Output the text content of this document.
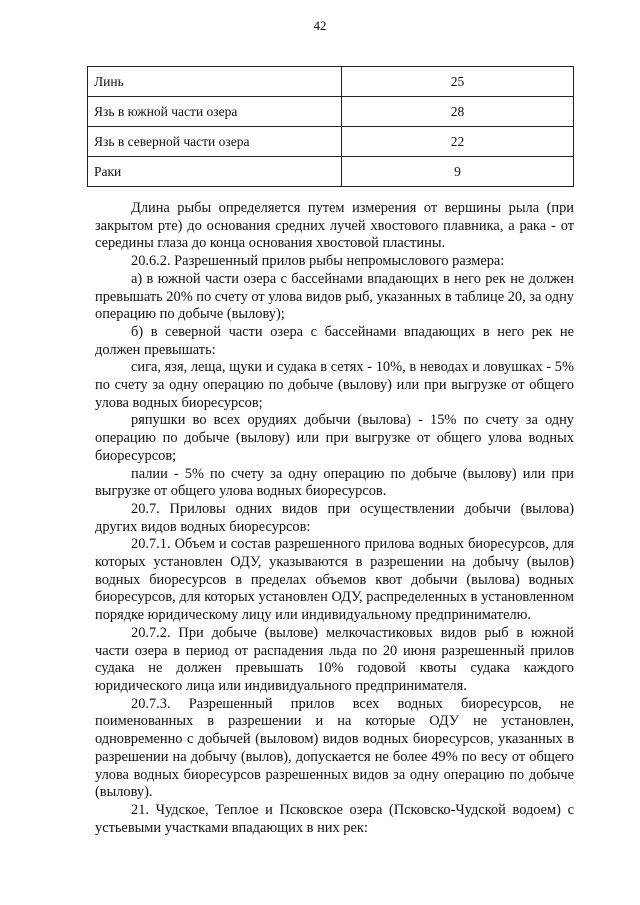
42
Линь	25
Язь в южной части озера	28
Язь в северной части озера	22
Раки	9

Длина рыбы определяется путем измерения от вершины рыла (при закрытом рте) до основания средних лучей хвостового плавника, а рака - от середины глаза до конца основания хвостовой пластины.

20.6.2. Разрешенный прилов рыбы непромыслового размера:

а) в южной части озера с бассейнами впадающих в него рек не должен превышать 20% по счету от улова видов рыб, указанных в таблице 20, за одну операцию по добыче (вылову);

б) в северной части озера с бассейнами впадающих в него рек не должен превышать:

сига, язя, леща, щуки и судака в сетях - 10%, в неводах и ловушках - 5% по счету за одну операцию по добыче (вылову) или при выгрузке от общего улова водных биоресурсов;

ряпушки во всех орудиях добычи (вылова) - 15% по счету за одну операцию по добыче (вылову) или при выгрузке от общего улова водных биоресурсов;

палии - 5% по счету за одну операцию по добыче (вылову) или при выгрузке от общего улова водных биоресурсов.

20.7. Приловы одних видов при осуществлении добычи (вылова) других видов водных биоресурсов:

20.7.1. Объем и состав разрешенного прилова водных биоресурсов, для которых установлен ОДУ, указываются в разрешении на добычу (вылов) водных биоресурсов в пределах объемов квот добычи (вылова) водных биоресурсов, для которых установлен ОДУ, распределенных в установленном порядке юридическому лицу или индивидуальному предпринимателю.

20.7.2. При добыче (вылове) мелкочастиковых видов рыб в южной части озера в период от распадения льда по 20 июня разрешенный прилов судака не должен превышать 10% годовой квоты судака каждого юридического лица или индивидуального предпринимателя.

20.7.3. Разрешенный прилов всех водных биоресурсов, не поименованных в разрешении и на которые ОДУ не установлен, одновременно с добычей (выловом) видов водных биоресурсов, указанных в разрешении на добычу (вылов), допускается не более 49% по весу от общего улова водных биоресурсов разрешенных видов за одну операцию по добыче (вылову).

21. Чудское, Теплое и Псковское озера (Псковско-Чудской водоем) с устьевыми участками впадающих в них рек:
